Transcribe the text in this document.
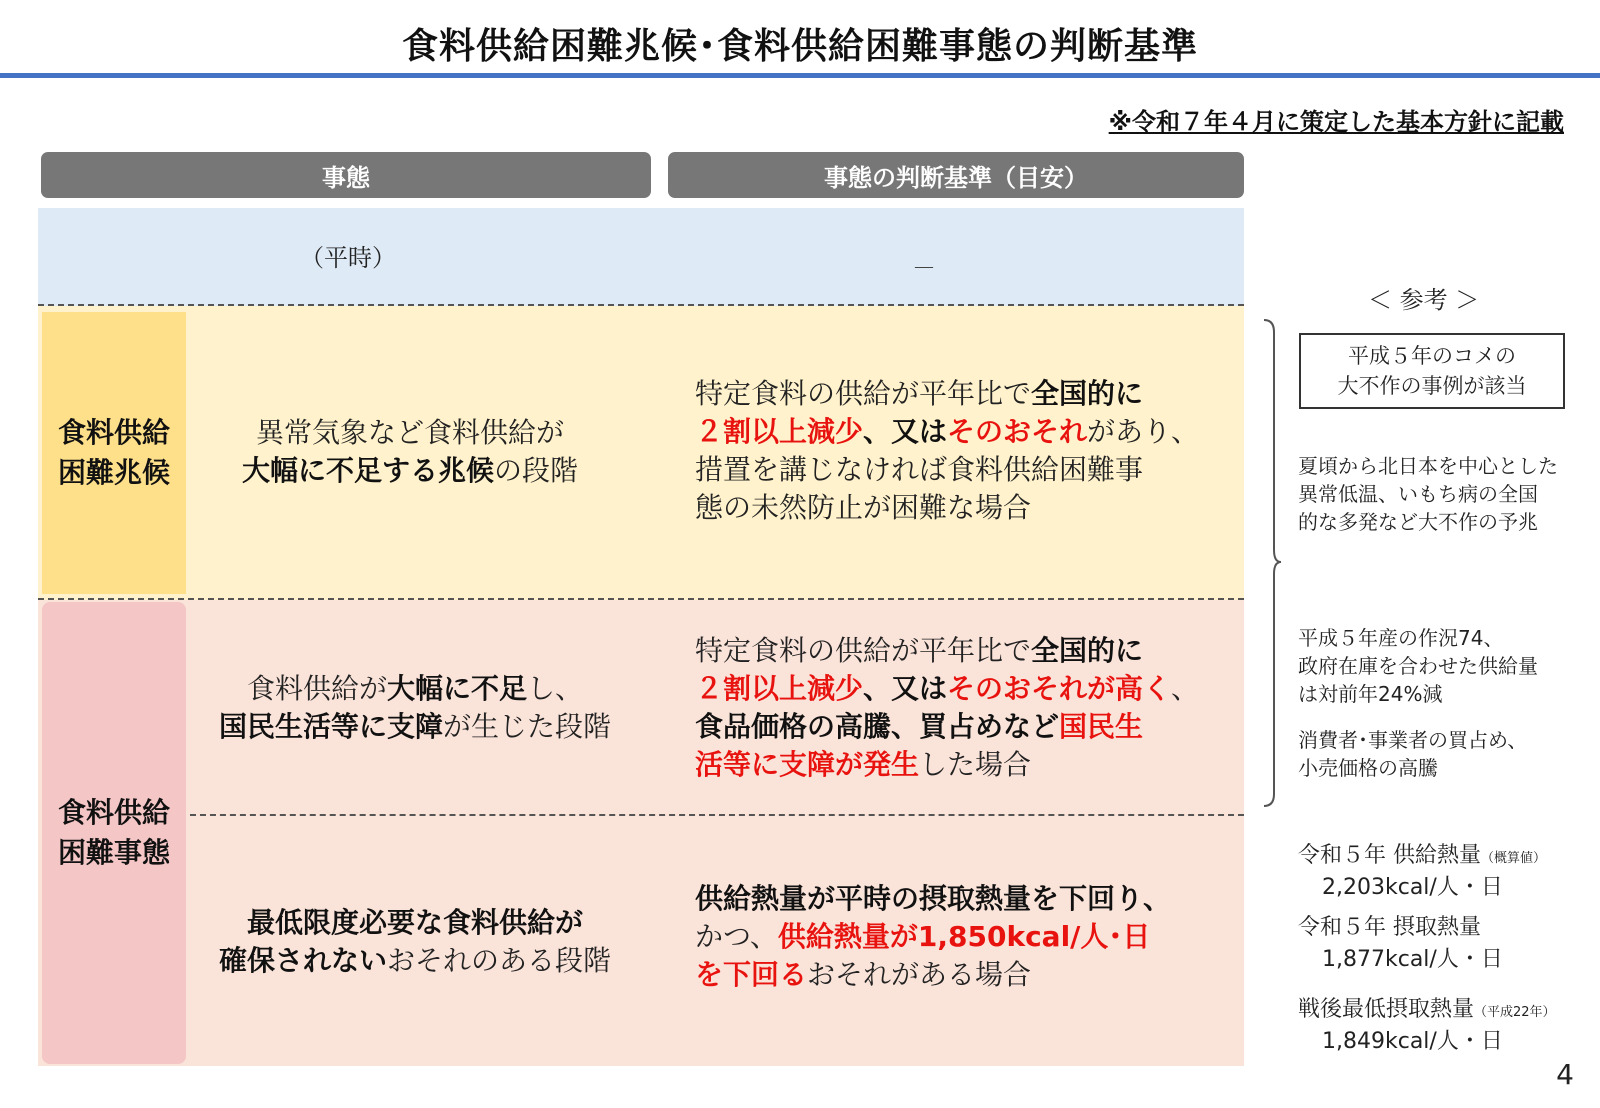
食料供給困難兆候･食料供給困難事態の判断基準
※令和７年４月に策定した基本方針に記載
事態	事態の判断基準（目安）
（平時）	－
食料供給
困難兆候
異常気象など食料供給が
大幅に不足する兆候の段階
特定食料の供給が平年比で全国的に
２割以上減少、又はそのおそれがあり、
措置を講じなければ食料供給困難事
態の未然防止が困難な場合
食料供給
困難事態
食料供給が大幅に不足し、
国民生活等に支障が生じた段階
特定食料の供給が平年比で全国的に
２割以上減少、又はそのおそれが高く、
食品価格の高騰、買占めなど国民生
活等に支障が発生した場合
最低限度必要な食料供給が
確保されないおそれのある段階
供給熱量が平時の摂取熱量を下回り、
かつ、供給熱量が1,850kcal/人･日
を下回るおそれがある場合
＜ 参考 ＞
平成５年のコメの
大不作の事例が該当
夏頃から北日本を中心とした
異常低温、いもち病の全国
的な多発など大不作の予兆
平成５年産の作況74、
政府在庫を合わせた供給量
は対前年24%減
消費者･事業者の買占め、
小売価格の高騰
令和５年 供給熱量（概算値）
2,203kcal/人・日
令和５年 摂取熱量
1,877kcal/人・日
戦後最低摂取熱量（平成22年）
1,849kcal/人・日
4
